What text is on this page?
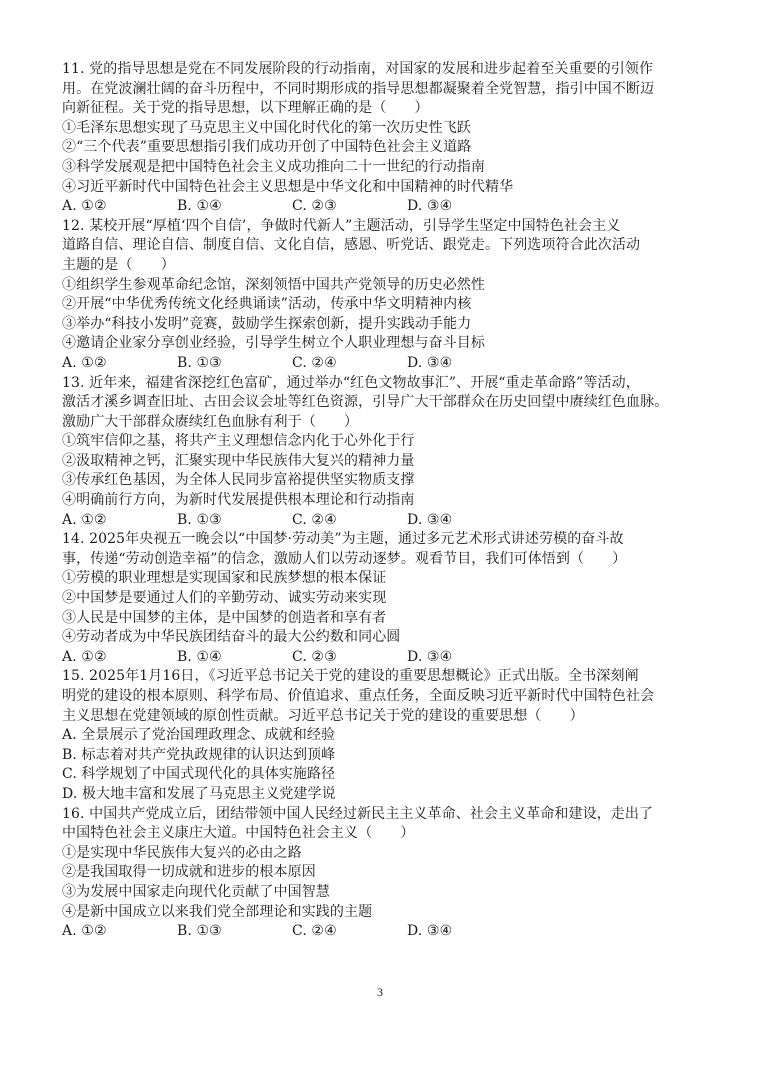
11. 党的指导思想是党在不同发展阶段的行动指南，对国家的发展和进步起着至关重要的引领作
用。在党波澜壮阔的奋斗历程中，不同时期形成的指导思想都凝聚着全党智慧，指引中国不断迈
向新征程。关于党的指导思想，以下理解正确的是（　　）
①毛泽东思想实现了马克思主义中国化时代化的第一次历史性飞跃
②“三个代表”重要思想指引我们成功开创了中国特色社会主义道路
③科学发展观是把中国特色社会主义成功推向二十一世纪的行动指南
④习近平新时代中国特色社会主义思想是中华文化和中国精神的时代精华
A. ①②	B. ①④	C. ②③	D. ③④
12. 某校开展“厚植‘四个自信’，争做时代新人”主题活动，引导学生坚定中国特色社会主义
道路自信、理论自信、制度自信、文化自信，感恩、听党话、跟党走。下列选项符合此次活动
主题的是（　　）
①组织学生参观革命纪念馆，深刻领悟中国共产党领导的历史必然性
②开展“中华优秀传统文化经典诵读”活动，传承中华文明精神内核
③举办“科技小发明”竞赛，鼓励学生探索创新，提升实践动手能力
④邀请企业家分享创业经验，引导学生树立个人职业理想与奋斗目标
A. ①②	B. ①③	C. ②④	D. ③④
13. 近年来，福建省深挖红色富矿，通过举办“红色文物故事汇”、开展“重走革命路”等活动，
激活才溪乡调查旧址、古田会议会址等红色资源，引导广大干部群众在历史回望中赓续红色血脉。
激励广大干部群众赓续红色血脉有利于（　　）
①筑牢信仰之基，将共产主义理想信念内化于心外化于行
②汲取精神之钙，汇聚实现中华民族伟大复兴的精神力量
③传承红色基因，为全体人民同步富裕提供坚实物质支撑
④明确前行方向，为新时代发展提供根本理论和行动指南
A. ①②	B. ①③	C. ②④	D. ③④
14. 2025年央视五一晚会以“中国梦·劳动美”为主题，通过多元艺术形式讲述劳模的奋斗故
事，传递“劳动创造幸福”的信念，激励人们以劳动逐梦。观看节目，我们可体悟到（　　）
①劳模的职业理想是实现国家和民族梦想的根本保证
②中国梦是要通过人们的辛勤劳动、诚实劳动来实现
③人民是中国梦的主体，是中国梦的创造者和享有者
④劳动者成为中华民族团结奋斗的最大公约数和同心圆
A. ①②	B. ①④	C. ②③	D. ③④
15. 2025年1月16日，《习近平总书记关于党的建设的重要思想概论》正式出版。全书深刻阐
明党的建设的根本原则、科学布局、价值追求、重点任务，全面反映习近平新时代中国特色社会
主义思想在党建领域的原创性贡献。习近平总书记关于党的建设的重要思想（　　）
A. 全景展示了党治国理政理念、成就和经验
B. 标志着对共产党执政规律的认识达到顶峰
C. 科学规划了中国式现代化的具体实施路径
D. 极大地丰富和发展了马克思主义党建学说
16. 中国共产党成立后，团结带领中国人民经过新民主主义革命、社会主义革命和建设，走出了
中国特色社会主义康庄大道。中国特色社会主义（　　）
①是实现中华民族伟大复兴的必由之路
②是我国取得一切成就和进步的根本原因
③为发展中国家走向现代化贡献了中国智慧
④是新中国成立以来我们党全部理论和实践的主题
A. ①②	B. ①③	C. ②④	D. ③④
3
